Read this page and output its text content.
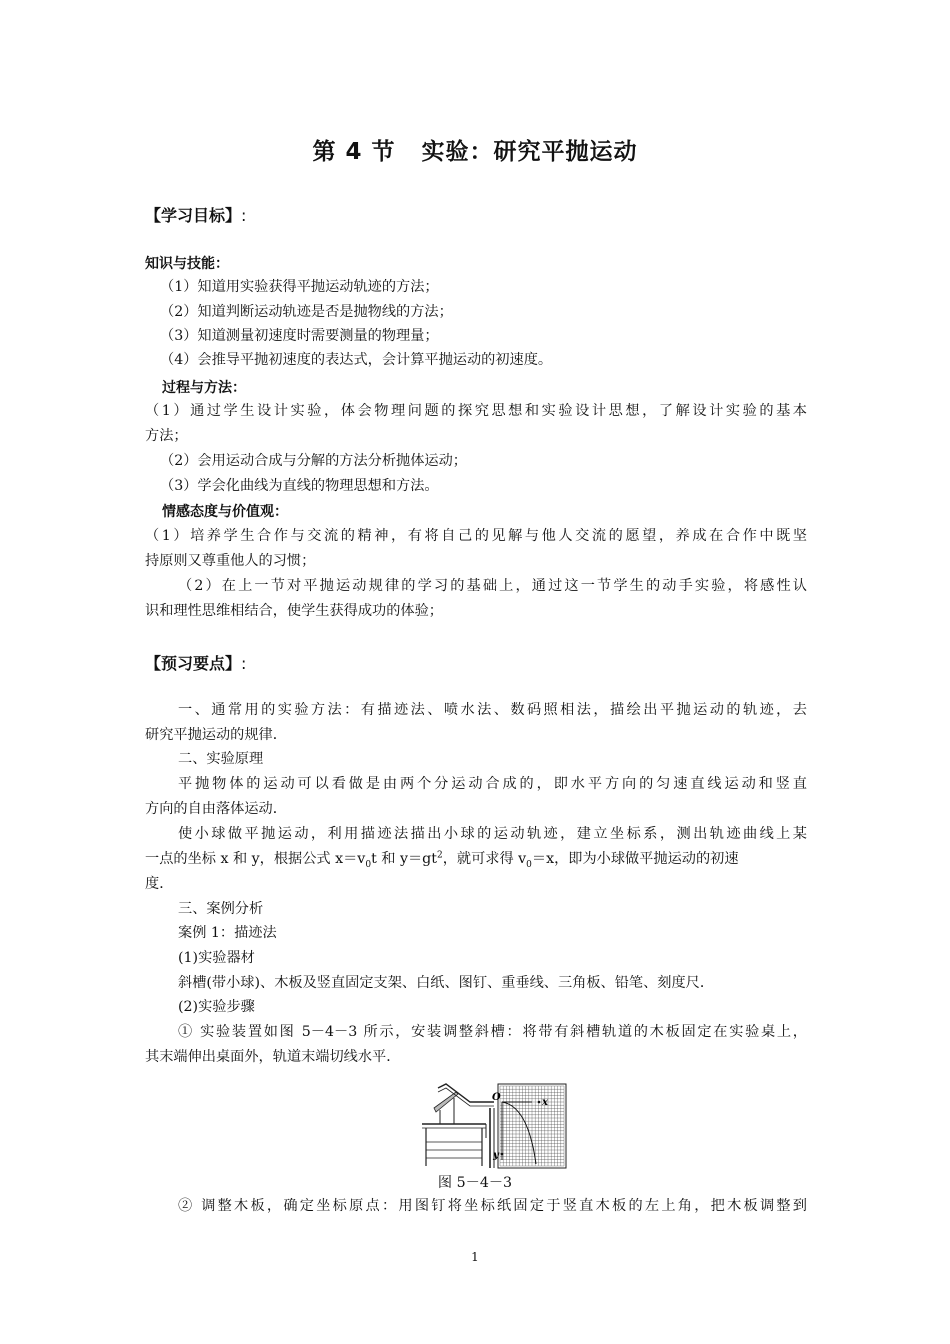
第 4 节 实验：研究平抛运动
【学习目标】:
知识与技能：
（1）知道用实验获得平抛运动轨迹的方法；
（2）知道判断运动轨迹是否是抛物线的方法；
（3）知道测量初速度时需要测量的物理量；
（4）会推导平抛初速度的表达式，会计算平抛运动的初速度。
过程与方法：
（1）通过学生设计实验，体会物理问题的探究思想和实验设计思想，了解设计实验的基本
方法；
（2）会用运动合成与分解的方法分析抛体运动；
（3）学会化曲线为直线的物理思想和方法。
情感态度与价值观：
（1）培养学生合作与交流的精神，有将自己的见解与他人交流的愿望，养成在合作中既坚
持原则又尊重他人的习惯；
（2）在上一节对平抛运动规律的学习的基础上，通过这一节学生的动手实验，将感性认
识和理性思维相结合，使学生获得成功的体验；
【预习要点】:
一、通常用的实验方法：有描迹法、喷水法、数码照相法，描绘出平抛运动的轨迹，去
研究平抛运动的规律．
二、实验原理
平抛物体的运动可以看做是由两个分运动合成的，即水平方向的匀速直线运动和竖直
方向的自由落体运动．
使小球做平抛运动，利用描迹法描出小球的运动轨迹，建立坐标系，测出轨迹曲线上某
一点的坐标 x 和 y，根据公式 $x=v_0t$ 和 $y=gt^2$，就可求得 $v_0=x$，即为小球做平抛运动的初速
度．
三、案例分析
案例 1：描迹法
(1)实验器材
斜槽(带小球)、木板及竖直固定支架、白纸、图钉、重垂线、三角板、铅笔、刻度尺．
(2)实验步骤
① 实验装置如图 5－4－3 所示，安装调整斜槽：将带有斜槽轨道的木板固定在实验桌上，
其末端伸出桌面外，轨道末端切线水平．
O	x
y
图 5－4－3
② 调整木板，确定坐标原点：用图钉将坐标纸固定于竖直木板的左上角，把木板调整到
1
